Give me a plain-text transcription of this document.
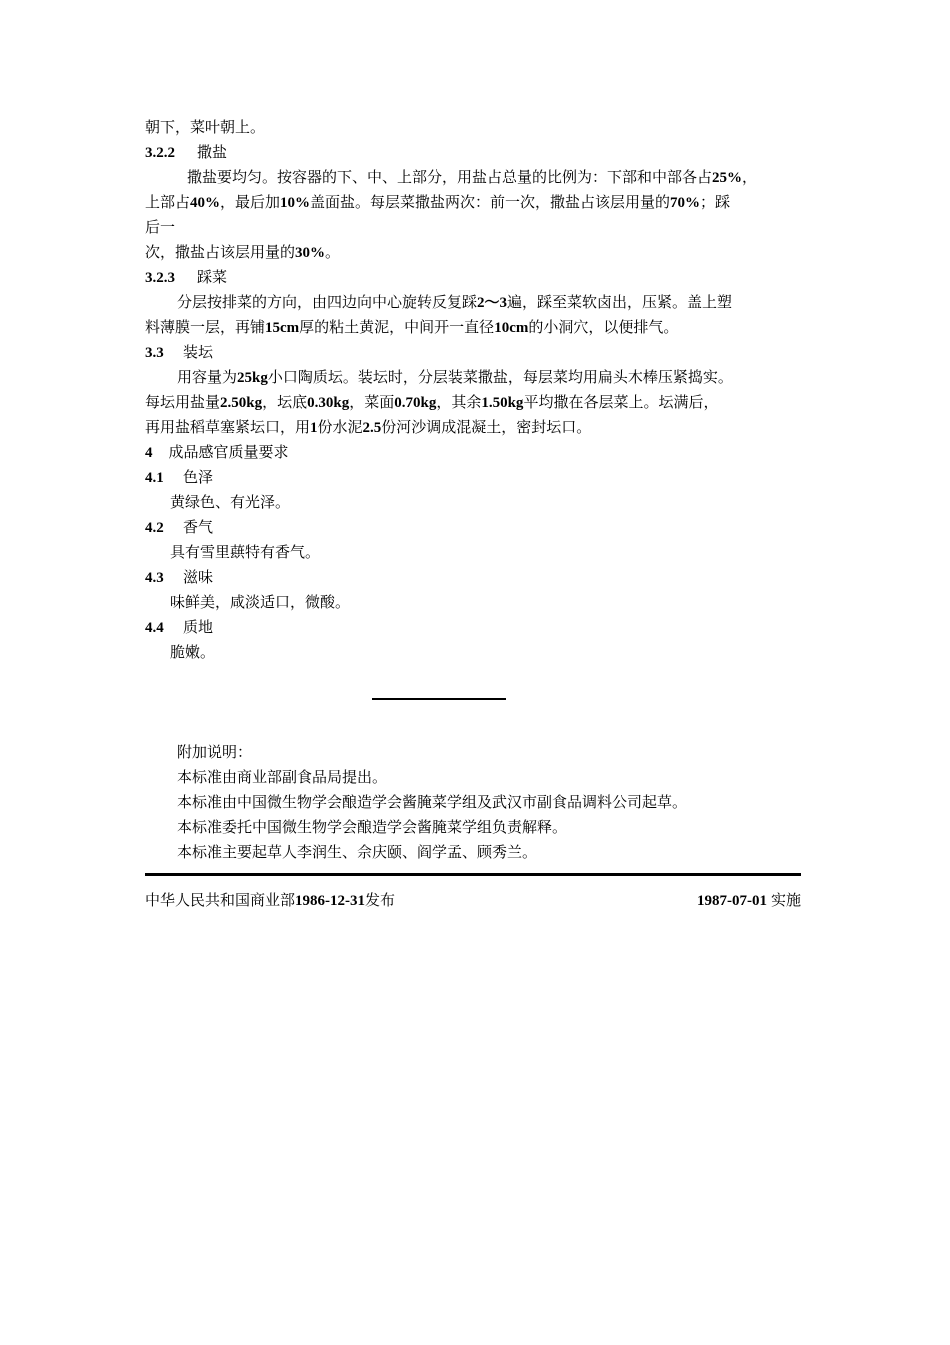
朝下，菜叶朝上。
3.2.2 撒盐
撒盐要均匀。按容器的下、中、上部分，用盐占总量的比例为：下部和中部各占25%，
上部占40%，最后加10%盖面盐。每层菜撒盐两次：前一次，撒盐占该层用量的70%；踩
后一
次，撒盐占该层用量的30%。
3.2.3 踩菜
分层按排菜的方向，由四边向中心旋转反复踩2～3遍，踩至菜软卤出，压紧。盖上塑
料薄膜一层，再铺15cm厚的粘土黄泥，中间开一直径10cm的小洞穴，以便排气。
3.3 装坛
用容量为25kg小口陶质坛。装坛时，分层装菜撒盐，每层菜均用扁头木棒压紧捣实。
每坛用盐量2.50kg，坛底0.30kg，菜面0.70kg，其余1.50kg平均撒在各层菜上。坛满后，
再用盐稻草塞紧坛口，用1份水泥2.5份河沙调成混凝土，密封坛口。
4 成品感官质量要求
4.1 色泽
黄绿色、有光泽。
4.2 香气
具有雪里蕻特有香气。
4.3 滋味
味鲜美，咸淡适口，微酸。
4.4 质地
脆嫩。
附加说明：
本标准由商业部副食品局提出。
本标准由中国微生物学会酿造学会酱腌菜学组及武汉市副食品调料公司起草。
本标准委托中国微生物学会酿造学会酱腌菜学组负责解释。
本标准主要起草人李润生、佘庆颐、阎学孟、顾秀兰。
中华人民共和国商业部1986-12-31发布	1987-07-01 实施
